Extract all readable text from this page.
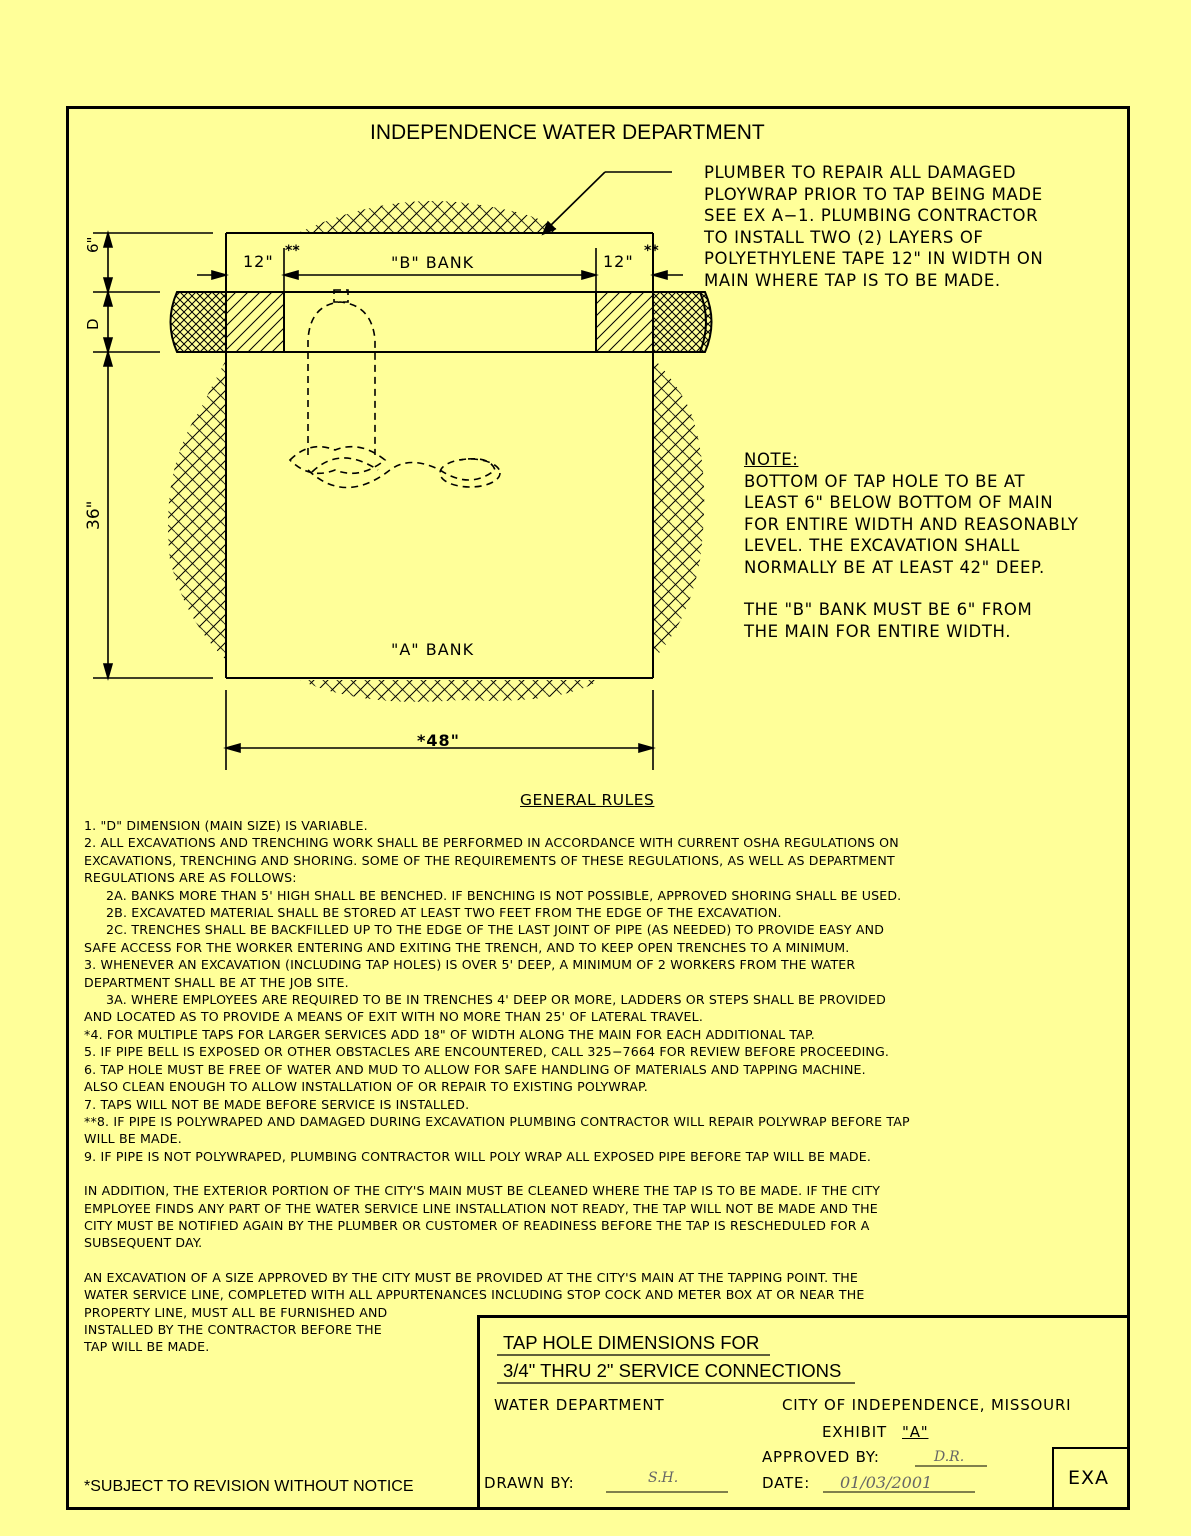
INDEPENDENCE WATER DEPARTMENT
6"
D
36"
12"
**
"B" BANK	12"
**
"A" BANK
*48"
PLUMBER TO REPAIR ALL DAMAGED
PLOYWRAP PRIOR TO TAP BEING MADE
SEE EX A−1. PLUMBING CONTRACTOR
TO INSTALL TWO (2) LAYERS OF
POLYETHYLENE TAPE 12" IN WIDTH ON
MAIN WHERE TAP IS TO BE MADE.
NOTE:
BOTTOM OF TAP HOLE TO BE AT
LEAST 6" BELOW BOTTOM OF MAIN
FOR ENTIRE WIDTH AND REASONABLY
LEVEL. THE EXCAVATION SHALL
NORMALLY BE AT LEAST 42" DEEP.
THE "B" BANK MUST BE 6" FROM
THE MAIN FOR ENTIRE WIDTH.
GENERAL RULES

1. "D" DIMENSION (MAIN SIZE) IS VARIABLE.

2. ALL EXCAVATIONS AND TRENCHING WORK SHALL BE PERFORMED IN ACCORDANCE WITH CURRENT OSHA REGULATIONS ON

EXCAVATIONS, TRENCHING AND SHORING. SOME OF THE REQUIREMENTS OF THESE REGULATIONS, AS WELL AS DEPARTMENT

REGULATIONS ARE AS FOLLOWS:

2A. BANKS MORE THAN 5' HIGH SHALL BE BENCHED. IF BENCHING IS NOT POSSIBLE, APPROVED SHORING SHALL BE USED.

2B. EXCAVATED MATERIAL SHALL BE STORED AT LEAST TWO FEET FROM THE EDGE OF THE EXCAVATION.

2C. TRENCHES SHALL BE BACKFILLED UP TO THE EDGE OF THE LAST JOINT OF PIPE (AS NEEDED) TO PROVIDE EASY AND

SAFE ACCESS FOR THE WORKER ENTERING AND EXITING THE TRENCH, AND TO KEEP OPEN TRENCHES TO A MINIMUM.

3. WHENEVER AN EXCAVATION (INCLUDING TAP HOLES) IS OVER 5' DEEP, A MINIMUM OF 2 WORKERS FROM THE WATER

DEPARTMENT SHALL BE AT THE JOB SITE.

3A. WHERE EMPLOYEES ARE REQUIRED TO BE IN TRENCHES 4' DEEP OR MORE, LADDERS OR STEPS SHALL BE PROVIDED

AND LOCATED AS TO PROVIDE A MEANS OF EXIT WITH NO MORE THAN 25' OF LATERAL TRAVEL.

*4. FOR MULTIPLE TAPS FOR LARGER SERVICES ADD 18" OF WIDTH ALONG THE MAIN FOR EACH ADDITIONAL TAP.

5. IF PIPE BELL IS EXPOSED OR OTHER OBSTACLES ARE ENCOUNTERED, CALL 325−7664 FOR REVIEW BEFORE PROCEEDING.

6. TAP HOLE MUST BE FREE OF WATER AND MUD TO ALLOW FOR SAFE HANDLING OF MATERIALS AND TAPPING MACHINE.

ALSO CLEAN ENOUGH TO ALLOW INSTALLATION OF OR REPAIR TO EXISTING POLYWRAP.

7. TAPS WILL NOT BE MADE BEFORE SERVICE IS INSTALLED.

**8. IF PIPE IS POLYWRAPED AND DAMAGED DURING EXCAVATION PLUMBING CONTRACTOR WILL REPAIR POLYWRAP BEFORE TAP

WILL BE MADE.

9. IF PIPE IS NOT POLYWRAPED, PLUMBING CONTRACTOR WILL POLY WRAP ALL EXPOSED PIPE BEFORE TAP WILL BE MADE.

IN ADDITION, THE EXTERIOR PORTION OF THE CITY'S MAIN MUST BE CLEANED WHERE THE TAP IS TO BE MADE. IF THE CITY

EMPLOYEE FINDS ANY PART OF THE WATER SERVICE LINE INSTALLATION NOT READY, THE TAP WILL NOT BE MADE AND THE

CITY MUST BE NOTIFIED AGAIN BY THE PLUMBER OR CUSTOMER OF READINESS BEFORE THE TAP IS RESCHEDULED FOR A

SUBSEQUENT DAY.

AN EXCAVATION OF A SIZE APPROVED BY THE CITY MUST BE PROVIDED AT THE CITY'S MAIN AT THE TAPPING POINT. THE

WATER SERVICE LINE, COMPLETED WITH ALL APPURTENANCES INCLUDING STOP COCK AND METER BOX AT OR NEAR THE

PROPERTY LINE, MUST ALL BE FURNISHED AND

INSTALLED BY THE CONTRACTOR BEFORE THE

TAP WILL BE MADE.	TAP HOLE DIMENSIONS FOR
3/4" THRU 2" SERVICE CONNECTIONS
WATER DEPARTMENT	CITY OF INDEPENDENCE, MISSOURI
EXHIBIT "A"
APPROVED BY:	D.R.
DRAWN BY:	S.H.	DATE: 01/03/2001	EXA
*SUBJECT TO REVISION WITHOUT NOTICE
